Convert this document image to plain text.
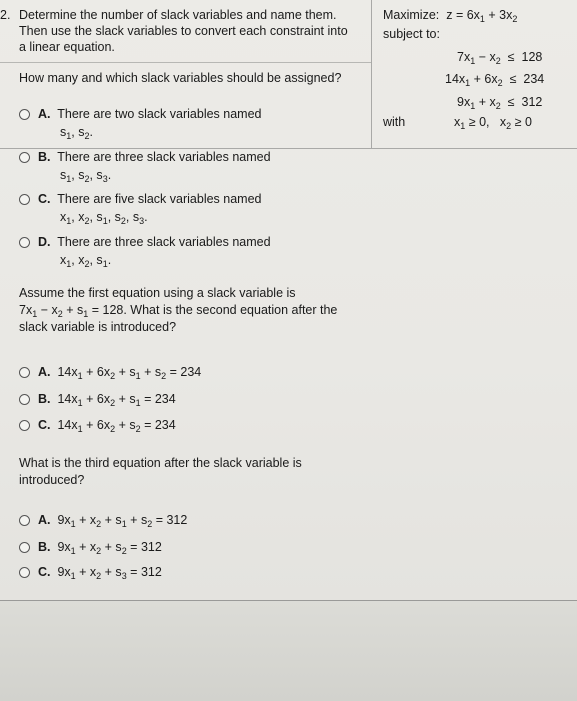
2. Determine the number of slack variables and name them.
Then use the slack variables to convert each constraint into
a linear equation.
Maximize:  $z = 6x_1 + 3x_2$
subject to:
$7x_1 - x_2 \le 128$
$14x_1 + 6x_2 \le 234$
$9x_1 + x_2 \le 312$
with	$x_1 \ge 0$,   $x_2 \ge 0$
How many and which slack variables should be assigned?
A. There are two slack variables named
$s_1$, $s_2$.
B. There are three slack variables named
$s_1$, $s_2$, $s_3$.
C. There are five slack variables named
$x_1$, $x_2$, $s_1$, $s_2$, $s_3$.
D. There are three slack variables named
$x_1$, $x_2$, $s_1$.
Assume the first equation using a slack variable is
$7x_1 - x_2 + s_1 = 128$. What is the second equation after the
slack variable is introduced?
A. $14x_1 + 6x_2 + s_1 + s_2 = 234$
B. $14x_1 + 6x_2 + s_1 = 234$
C. $14x_1 + 6x_2 + s_2 = 234$
What is the third equation after the slack variable is
introduced?
A. $9x_1 + x_2 + s_1 + s_2 = 312$
B. $9x_1 + x_2 + s_2 = 312$
C. $9x_1 + x_2 + s_3 = 312$
